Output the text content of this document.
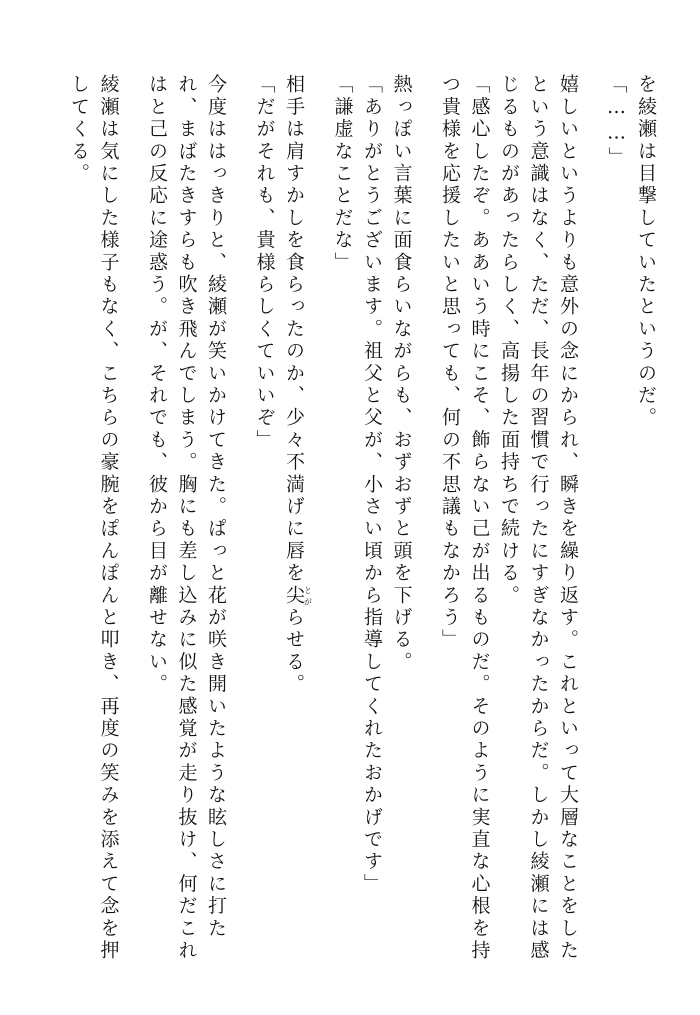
を綾瀬は目撃していたというのだ。

「……」

嬉しいというよりも意外の念にかられ、瞬きを繰り返す。これといって大層なことをしたという意識はなく、ただ、長年の習慣で行ったにすぎなかったからだ。しかし綾瀬には感じるものがあったらしく、高揚した面持ちで続ける。

「感心したぞ。ああいう時にこそ、飾らない己が出るものだ。そのように実直な心根を持つ貴様を応援したいと思っても、何の不思議もなかろう」

熱っぽい言葉に面食らいながらも、おずおずと頭を下げる。

「ありがとうございます。祖父と父が、小さい頃から指導してくれたおかげです」

「謙虚なことだな」

相手は肩すかしを食らったのか、少々不満げに唇を尖とがらせる。

「だがそれも、貴様らしくていいぞ」

今度ははっきりと、綾瀬が笑いかけてきた。ぱっと花が咲き開いたような眩しさに打たれ、まばたきすらも吹き飛んでしまう。胸にも差し込みに似た感覚が走り抜け、何だこれはと己の反応に途惑う。が、それでも、彼から目が離せない。

綾瀬は気にした様子もなく、こちらの豪腕をぽんぽんと叩き、再度の笑みを添えて念を押してくる。
